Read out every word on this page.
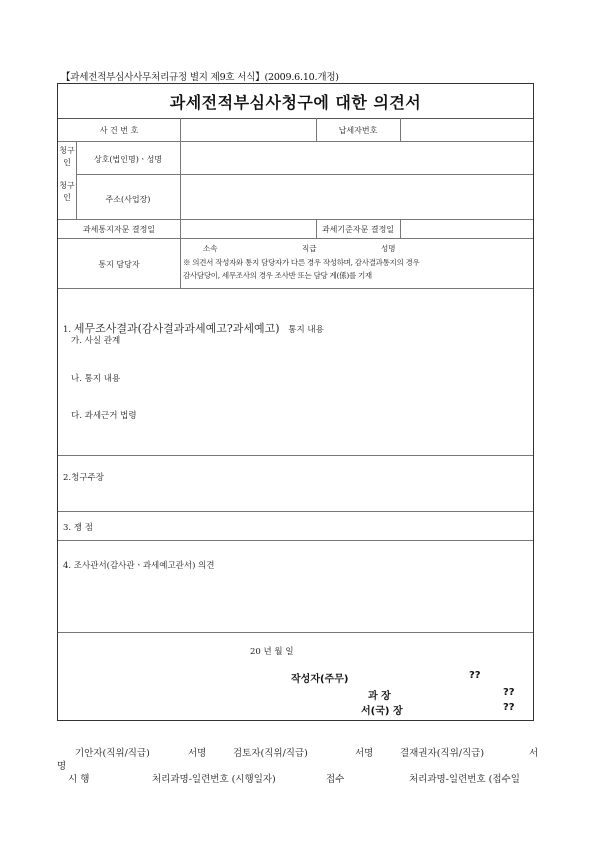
【과세전적부심사사무처리규정 별지 제9호 서식】(2009.6.10.개정)
과세전적부심사청구에 대한 의견서
사 건 번 호	납세자번호
청구인	상호(법인명)ㆍ성명
청구인	주소(사업장)
과세통지자문 결정일	과세기준자문 결정일
통지 담당자
소속	직급	성명
※ 의견서 작성자와 통지 담당자가 다른 경우 작성하며, 감사결과통지의 경우
감사담당이, 세무조사의 경우 조사반 또는 담당 계(係)를 기재
1. 세무조사결과(감사결과과세예고?과세예고) 통지 내용
가. 사실 관계
나. 통지 내용
다. 과세근거 법령
2.청구주장
3. 쟁 점
4. 조사관서(감사관ㆍ과세예고관서) 의견
20 년 월 일
작성자(주무)	??
과 장	??
서(국) 장	??
기안자(직위/직급)	서명	검토자(직위/직급)	서명	결재권자(직위/직급)	서
명
시 행	처리과명-일련번호 (시행일자)	접수	처리과명-일련번호 (접수일
